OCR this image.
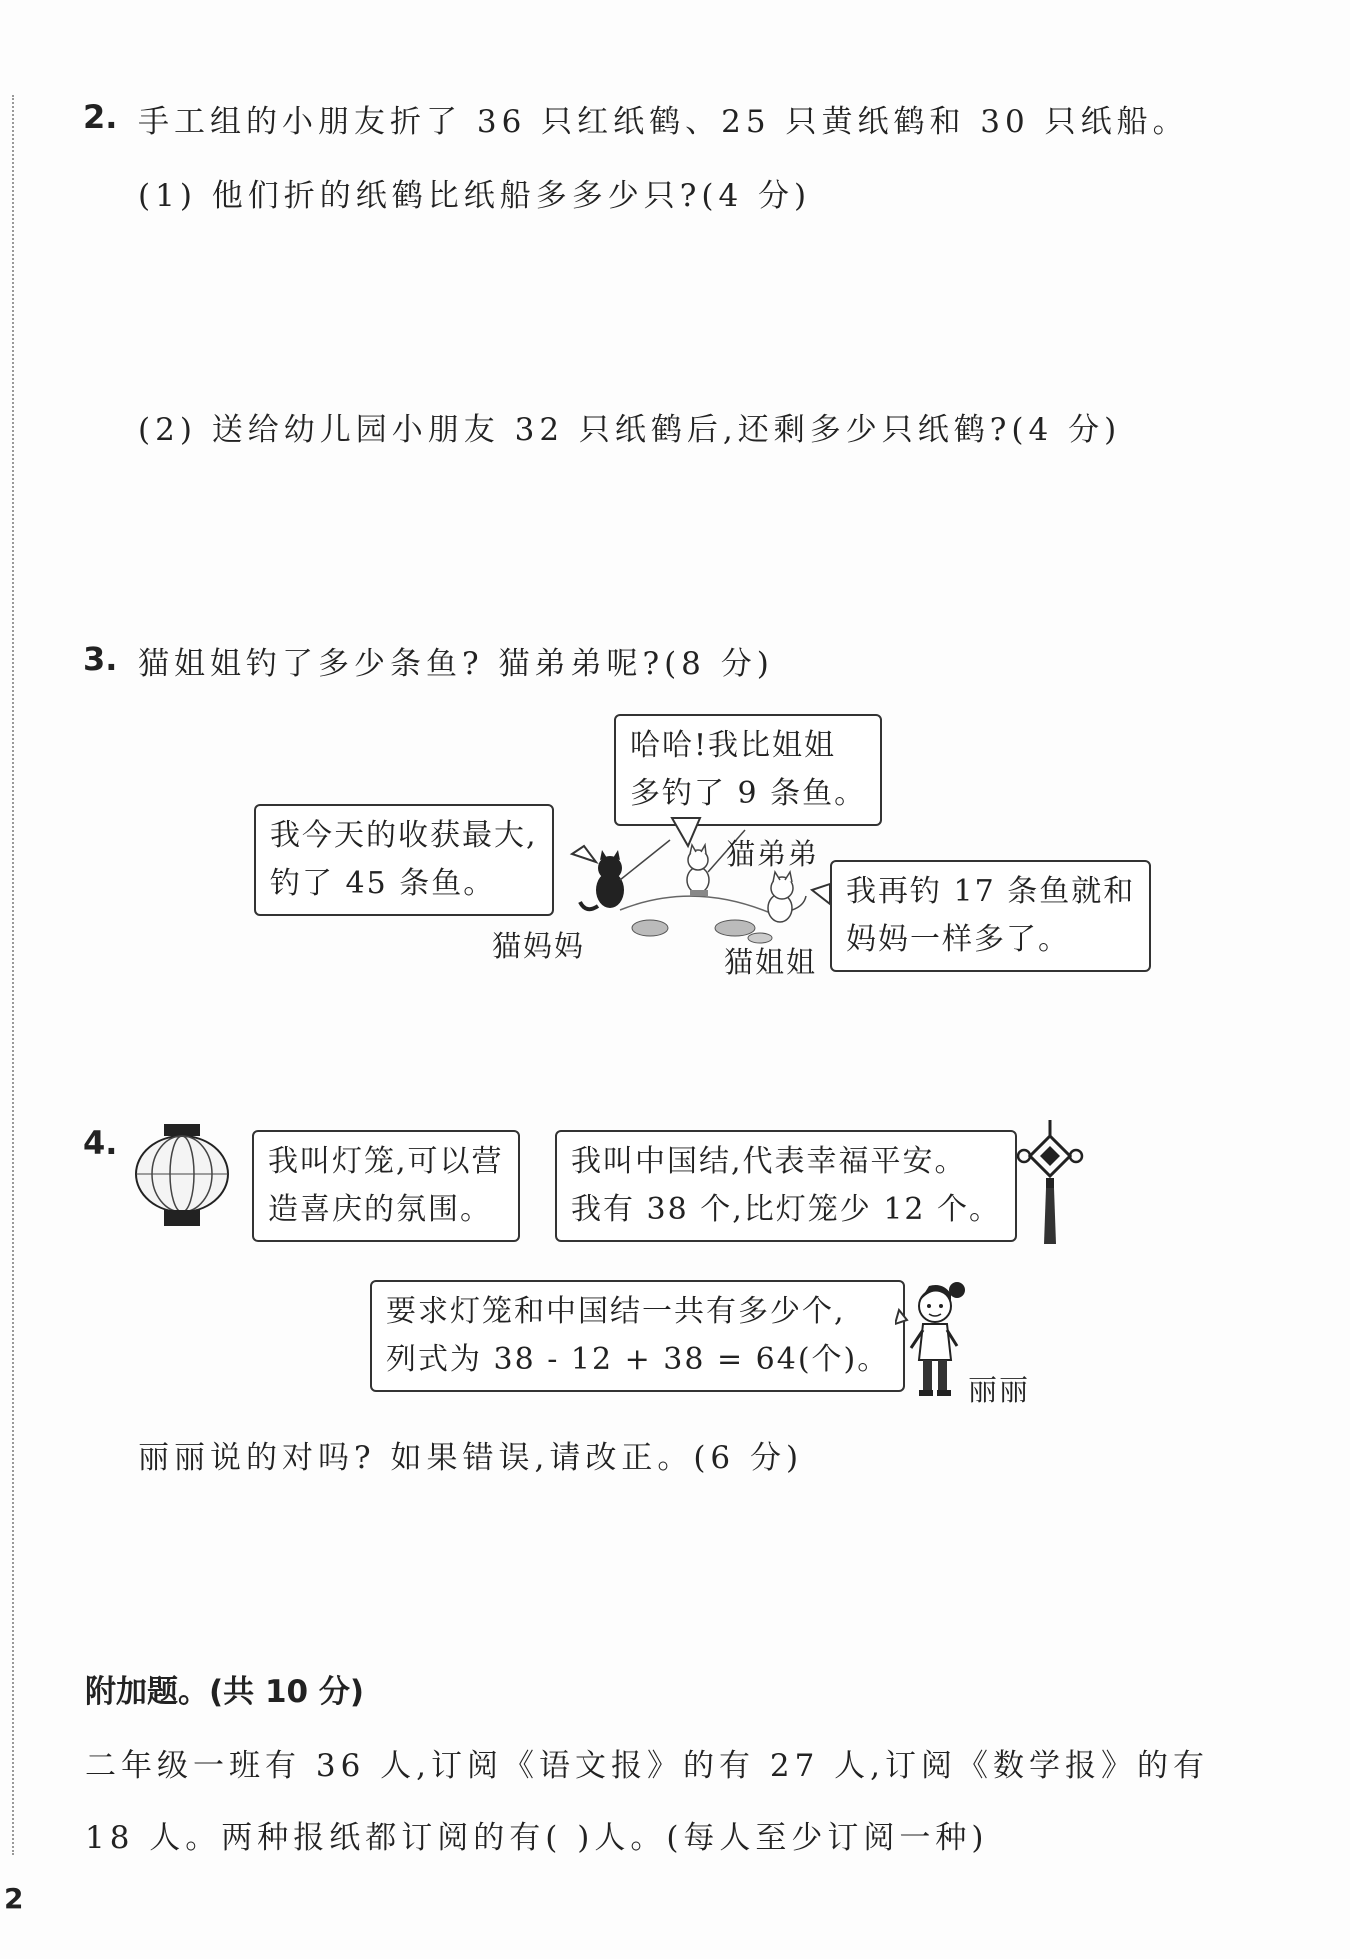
2. 手工组的小朋友折了 36 只红纸鹤、25 只黄纸鹤和 30 只纸船。
(1) 他们折的纸鹤比纸船多多少只?(4 分)
(2) 送给幼儿园小朋友 32 只纸鹤后,还剩多少只纸鹤?(4 分)
3. 猫姐姐钓了多少条鱼? 猫弟弟呢?(8 分)
哈哈!我比姐姐
多钓了 9 条鱼。
我今天的收获最大,
钓了 45 条鱼。	我再钓 17 条鱼就和
妈妈一样多了。
猫弟弟
猫妈妈	猫姐姐
4.	我叫灯笼,可以营
造喜庆的氛围。
我叫中国结,代表幸福平安。
我有 38 个,比灯笼少 12 个。
要求灯笼和中国结一共有多少个,
列式为 38 - 12 + 38 = 64(个)。
丽丽
丽丽说的对吗? 如果错误,请改正。(6 分)
附加题。(共 10 分)
二年级一班有 36 人,订阅《语文报》的有 27 人,订阅《数学报》的有
18 人。两种报纸都订阅的有( )人。(每人至少订阅一种)
2
